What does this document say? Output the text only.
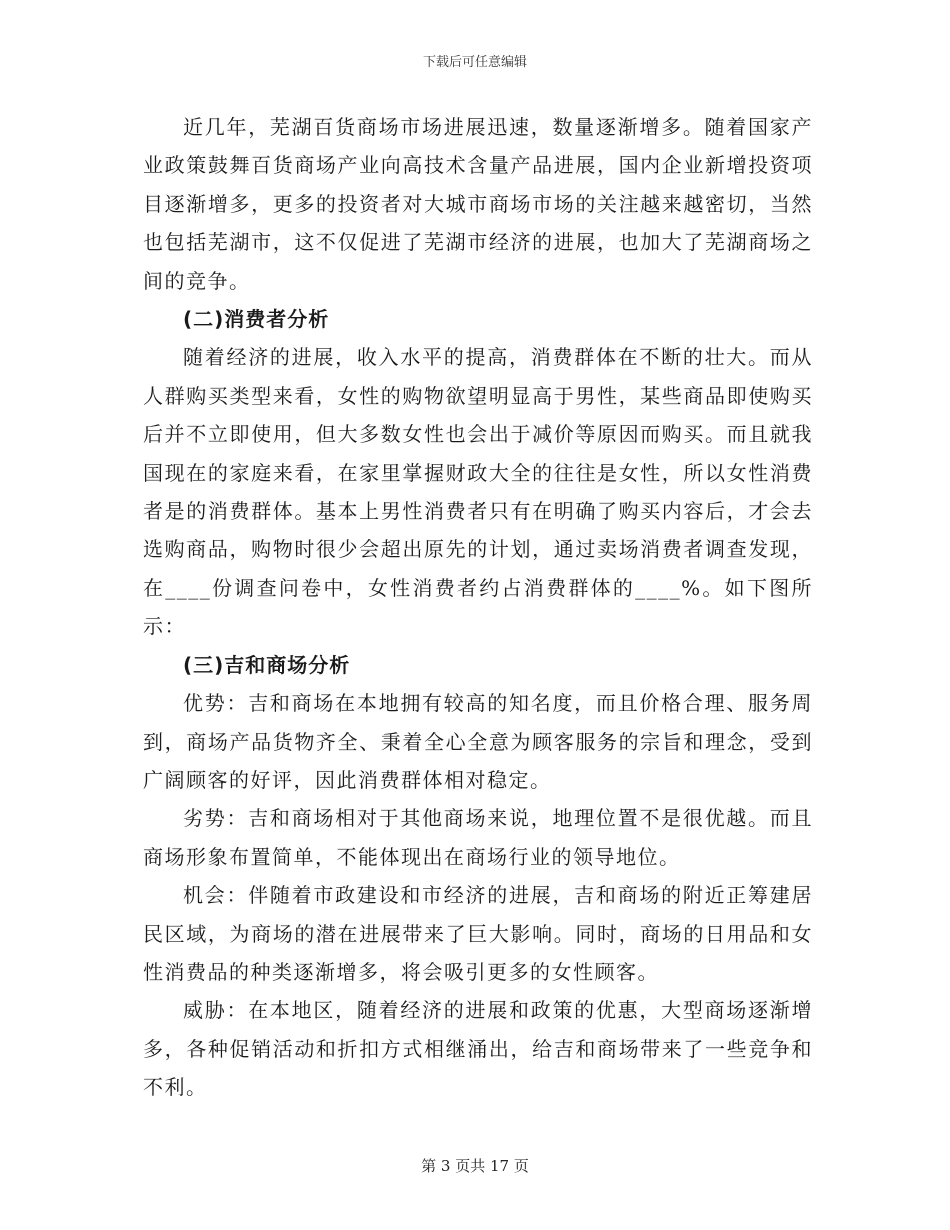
下载后可任意编辑

近几年，芜湖百货商场市场进展迅速，数量逐渐增多。随着国家产业政策鼓舞百货商场产业向高技术含量产品进展，国内企业新增投资项目逐渐增多，更多的投资者对大城市商场市场的关注越来越密切，当然也包括芜湖市，这不仅促进了芜湖市经济的进展，也加大了芜湖商场之间的竞争。

(二)消费者分析

随着经济的进展，收入水平的提高，消费群体在不断的壮大。而从人群购买类型来看，女性的购物欲望明显高于男性，某些商品即使购买后并不立即使用，但大多数女性也会出于减价等原因而购买。而且就我国现在的家庭来看，在家里掌握财政大全的往往是女性，所以女性消费者是的消费群体。基本上男性消费者只有在明确了购买内容后，才会去选购商品，购物时很少会超出原先的计划，通过卖场消费者调查发现，在____份调查问卷中，女性消费者约占消费群体的____%。如下图所示：

(三)吉和商场分析

优势：吉和商场在本地拥有较高的知名度，而且价格合理、服务周到，商场产品货物齐全、秉着全心全意为顾客服务的宗旨和理念，受到广阔顾客的好评，因此消费群体相对稳定。

劣势：吉和商场相对于其他商场来说，地理位置不是很优越。而且商场形象布置简单，不能体现出在商场行业的领导地位。

机会：伴随着市政建设和市经济的进展，吉和商场的附近正筹建居民区域，为商场的潜在进展带来了巨大影响。同时，商场的日用品和女性消费品的种类逐渐增多，将会吸引更多的女性顾客。

威胁：在本地区，随着经济的进展和政策的优惠，大型商场逐渐增多，各种促销活动和折扣方式相继涌出，给吉和商场带来了一些竞争和不利。

第 3 页共 17 页
